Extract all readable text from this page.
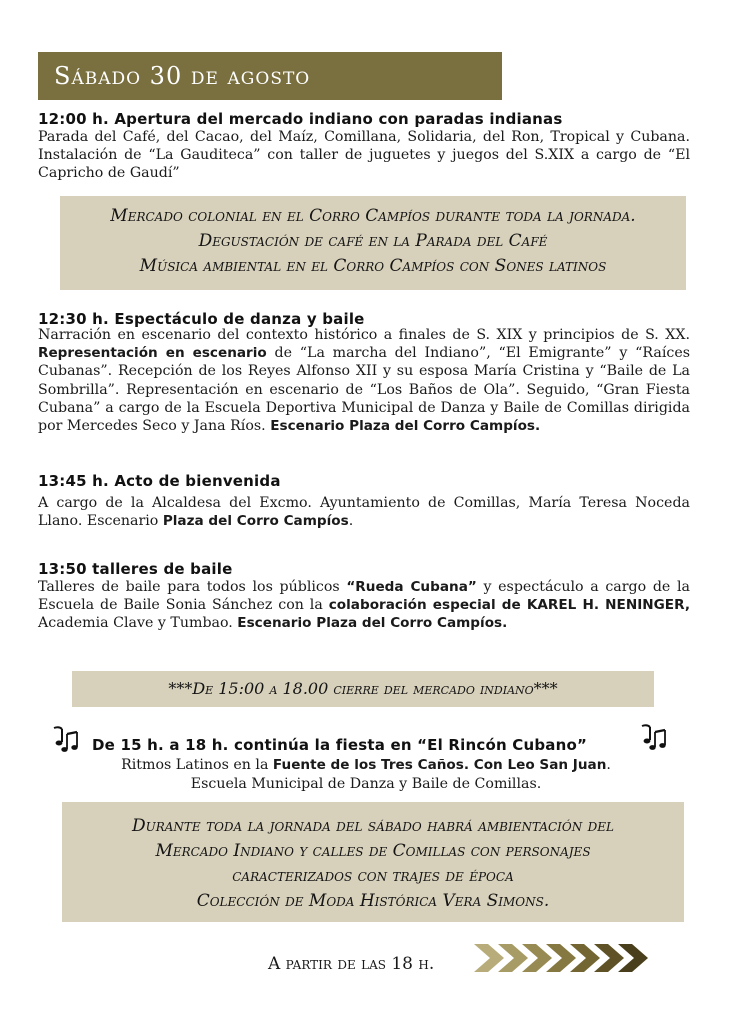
Sábado 30 de agosto
12:00 h. Apertura del mercado indiano con paradas indianas
Parada del Café, del Cacao, del Maíz, Comillana, Solidaria, del Ron, Tropical y Cubana. Instalación de “La Gauditeca” con taller de juguetes y juegos del S.XIX a cargo de “El Capricho de Gaudí”
Mercado colonial en el Corro Campíos durante toda la jornada.
Degustación de café en la Parada del Café
Música ambiental en el Corro Campíos con Sones latinos
12:30 h. Espectáculo de danza y baile
Narración en escenario del contexto histórico a finales de S. XIX y principios de S. XX. Representación en escenario de “La marcha del Indiano”, “El Emigrante” y “Raíces Cubanas”. Recepción de los Reyes Alfonso XII y su esposa María Cristina y “Baile de La Sombrilla”. Representación en escenario de “Los Baños de Ola”. Seguido, “Gran Fiesta Cubana” a cargo de la Escuela Deportiva Municipal de Danza y Baile de Comillas dirigida por Mercedes Seco y Jana Ríos. Escenario Plaza del Corro Campíos.
13:45 h. Acto de bienvenida
A cargo de la Alcaldesa del Excmo. Ayuntamiento de Comillas, María Teresa Noceda Llano. Escenario Plaza del Corro Campíos.
13:50 talleres de baile
Talleres de baile para todos los públicos “Rueda Cubana” y espectáculo a cargo de la Escuela de Baile Sonia Sánchez con la colaboración especial de KAREL H. NENINGER, Academia Clave y Tumbao. Escenario Plaza del Corro Campíos.
***De 15:00 a 18.00 cierre del mercado indiano***
De 15 h. a 18 h. continúa la fiesta en “El Rincón Cubano”
Ritmos Latinos en la Fuente de los Tres Caños. Con Leo San Juan.
Escuela Municipal de Danza y Baile de Comillas.
Durante toda la jornada del sábado habrá ambientación del
Mercado Indiano y calles de Comillas con personajes
caracterizados con trajes de época
Colección de Moda Histórica Vera Simons.
A partir de las 18 h.
